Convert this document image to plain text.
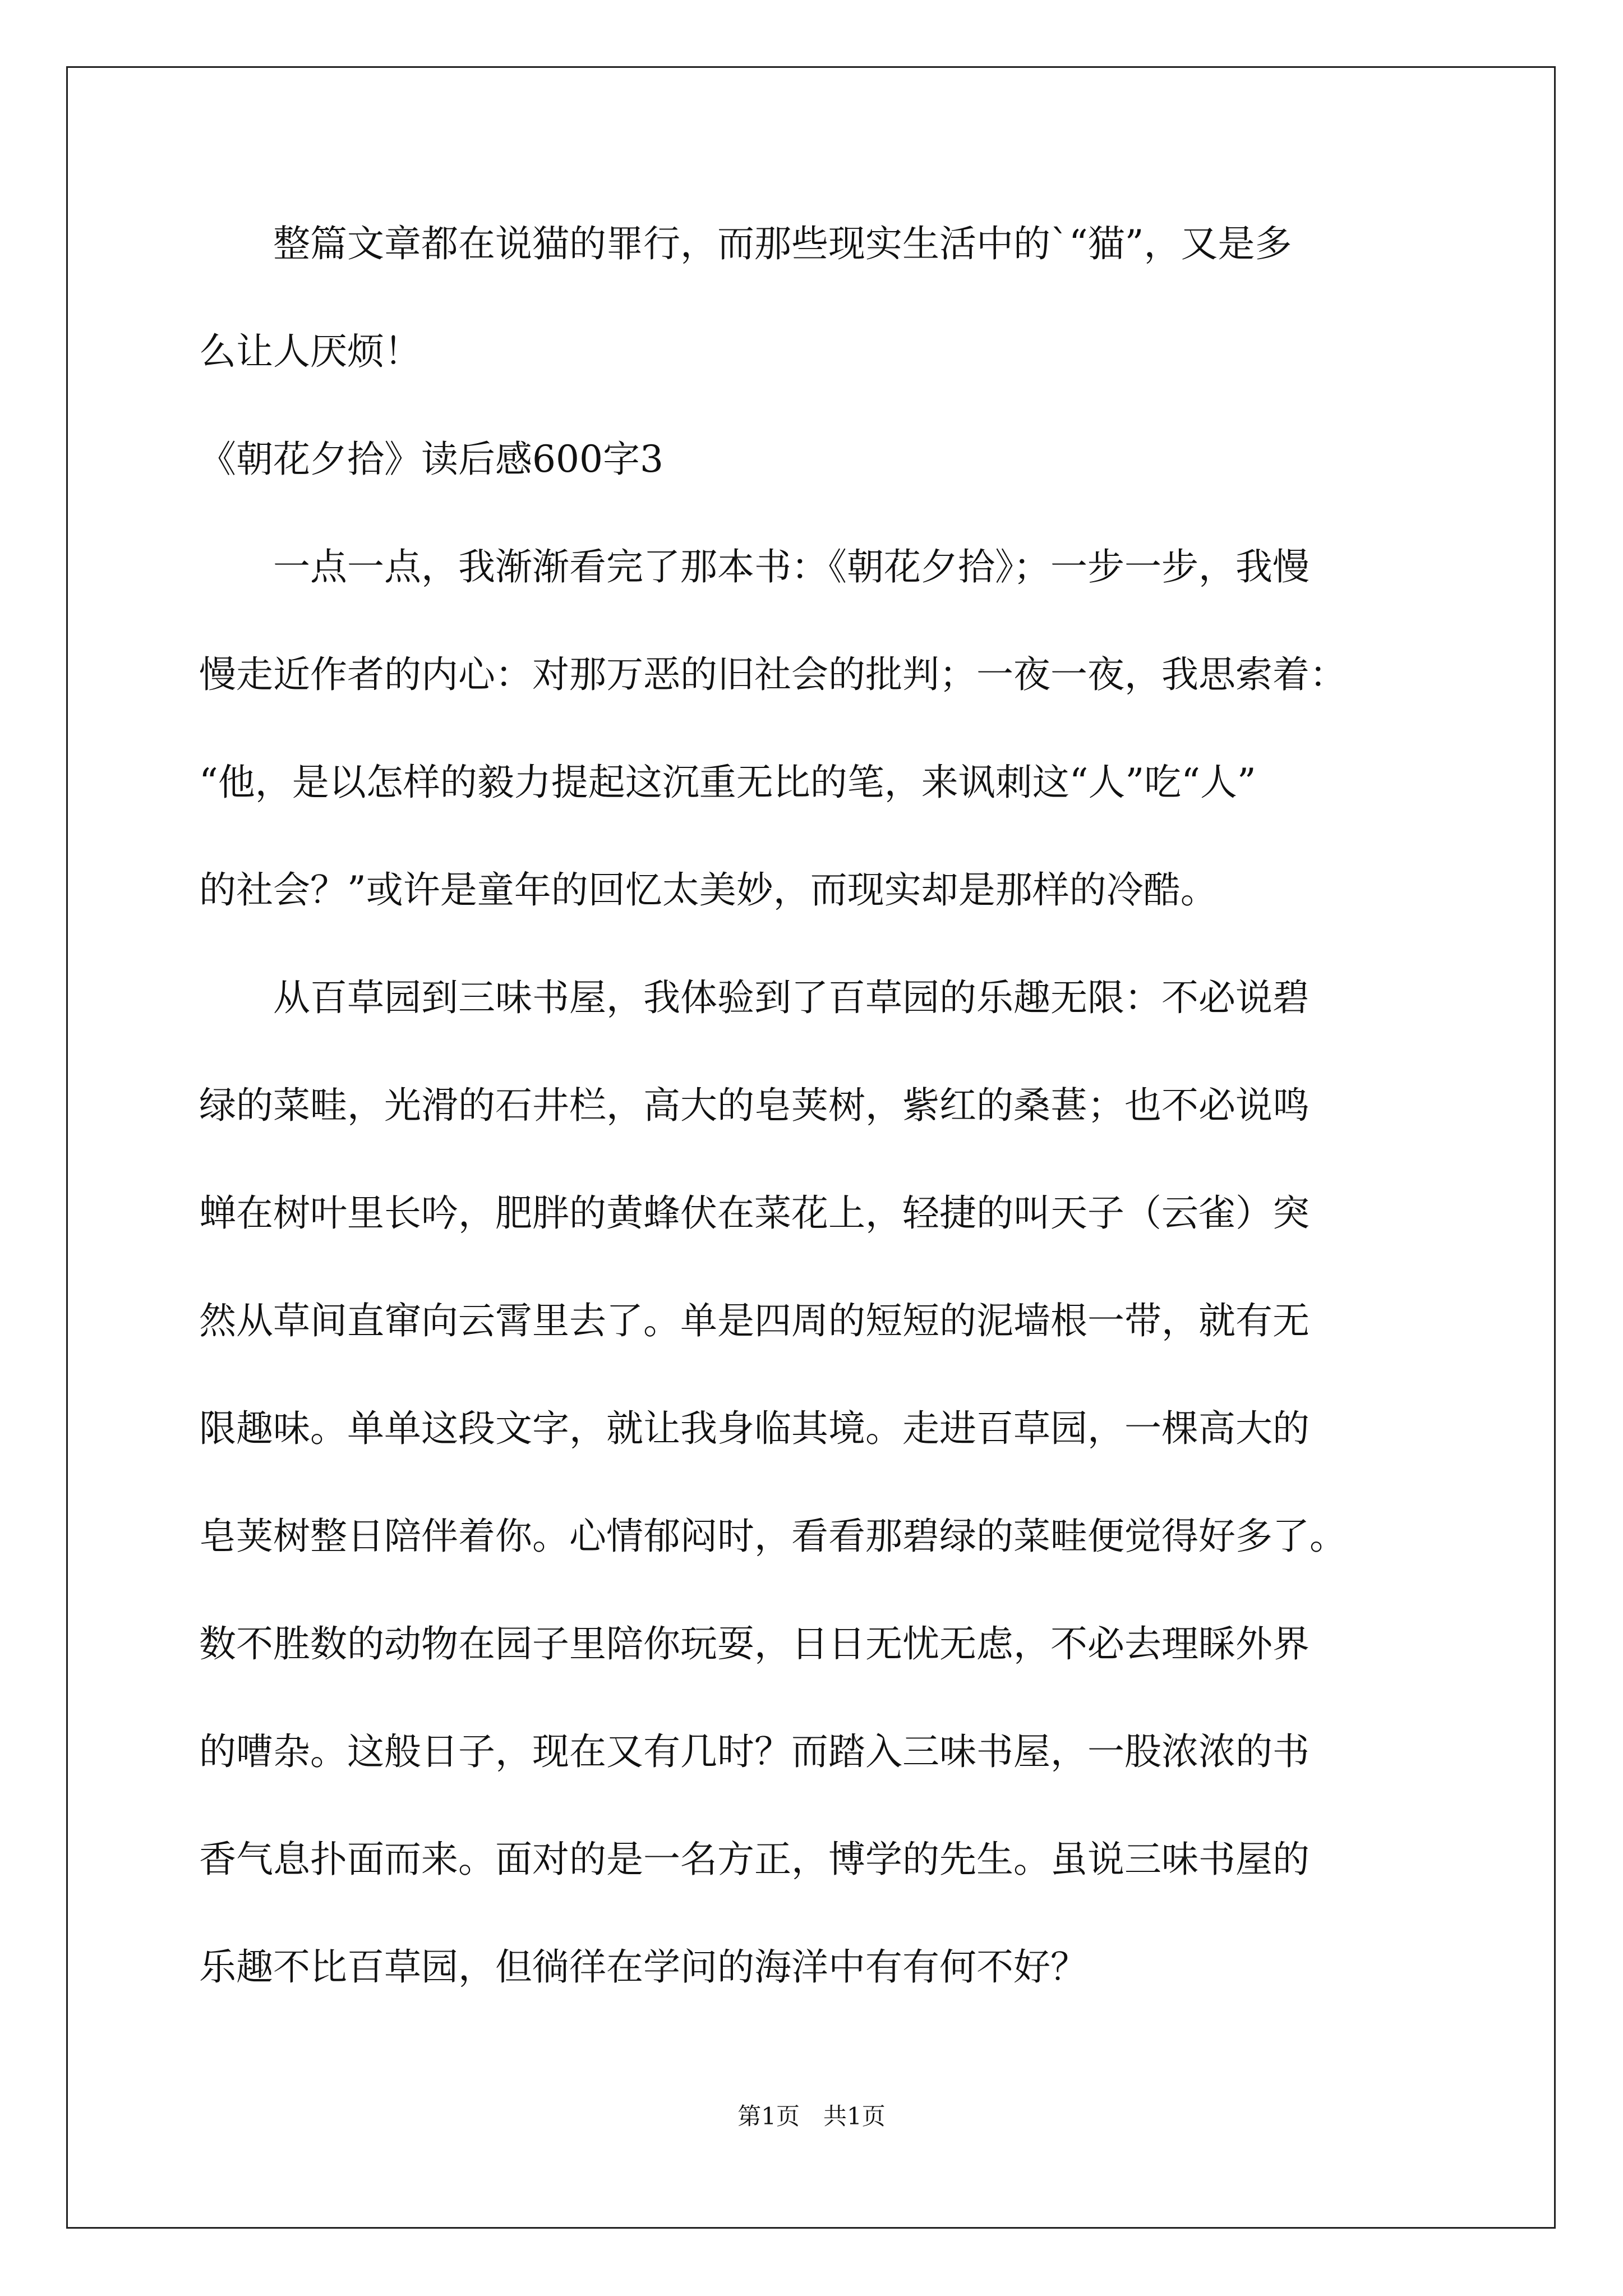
　　整篇文章都在说猫的罪行，而那些现实生活中的`“猫”，又是多
么让人厌烦！
《朝花夕拾》读后感600字3
　　一点一点，我渐渐看完了那本书：《朝花夕拾》；一步一步，我慢
慢走近作者的内心：对那万恶的旧社会的批判；一夜一夜，我思索着：
“他，是以怎样的毅力提起这沉重无比的笔，来讽刺这“人”吃“人”
的社会？”或许是童年的回忆太美妙，而现实却是那样的冷酷。
　　从百草园到三味书屋，我体验到了百草园的乐趣无限：不必说碧
绿的菜畦，光滑的石井栏，高大的皂荚树，紫红的桑葚；也不必说鸣
蝉在树叶里长吟，肥胖的黄蜂伏在菜花上，轻捷的叫天子（云雀）突
然从草间直窜向云霄里去了。单是四周的短短的泥墙根一带，就有无
限趣味。单单这段文字，就让我身临其境。走进百草园，一棵高大的
皂荚树整日陪伴着你。心情郁闷时，看看那碧绿的菜畦便觉得好多了。
数不胜数的动物在园子里陪你玩耍，日日无忧无虑，不必去理睬外界
的嘈杂。这般日子，现在又有几时？而踏入三味书屋，一股浓浓的书
香气息扑面而来。面对的是一名方正，博学的先生。虽说三味书屋的
乐趣不比百草园，但徜徉在学问的海洋中有有何不好？
第1页　共1页
